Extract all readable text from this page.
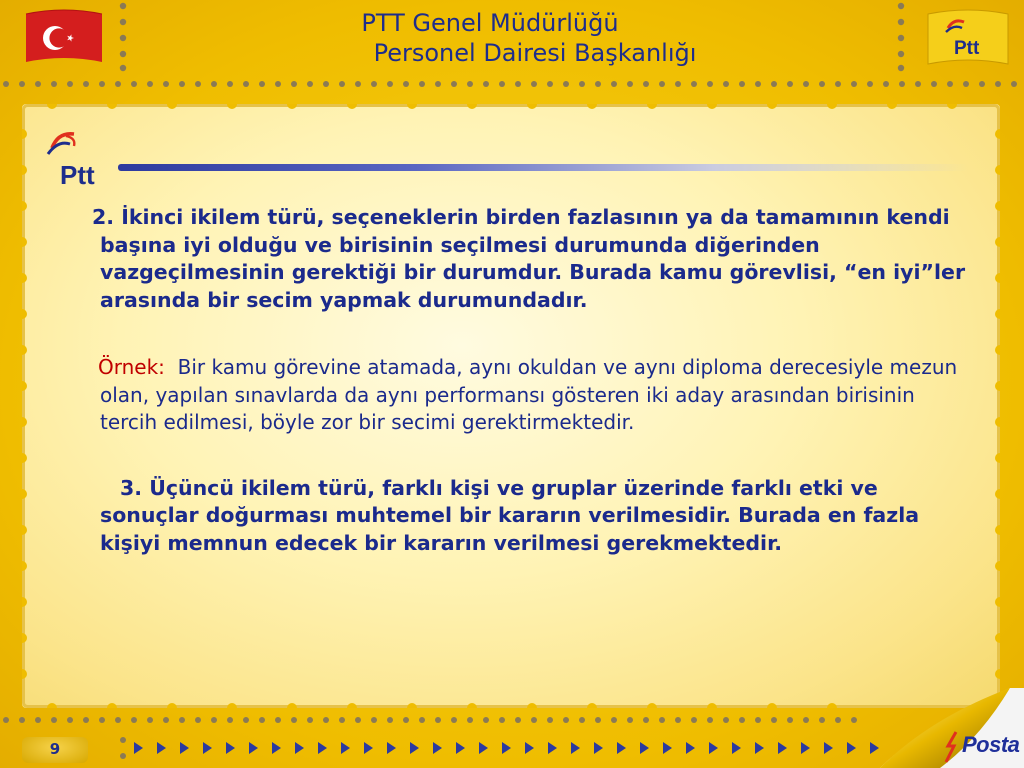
PTT Genel Müdürlüğü
Personel Dairesi Başkanlığı	Ptt
Ptt

2. İkinci ikilem türü, seçeneklerin birden fazlasının ya da tamamının kendi başına iyi olduğu ve birisinin seçilmesi durumunda diğerinden vazgeçilmesinin gerektiği bir durumdur. Burada kamu görevlisi, “en iyi”ler arasında bir secim yapmak durumundadır.

Örnek: Bir kamu görevine atamada, aynı okuldan ve aynı diploma derecesiyle mezun olan, yapılan sınavlarda da aynı performansı gösteren iki aday arasından birisinin tercih edilmesi, böyle zor bir secimi gerektirmektedir.

3. Üçüncü ikilem türü, farklı kişi ve gruplar üzerinde farklı etki ve sonuçlar doğurması muhtemel bir kararın verilmesidir. Burada en fazla kişiyi memnun edecek bir kararın verilmesi gerekmektedir.

9	Posta
